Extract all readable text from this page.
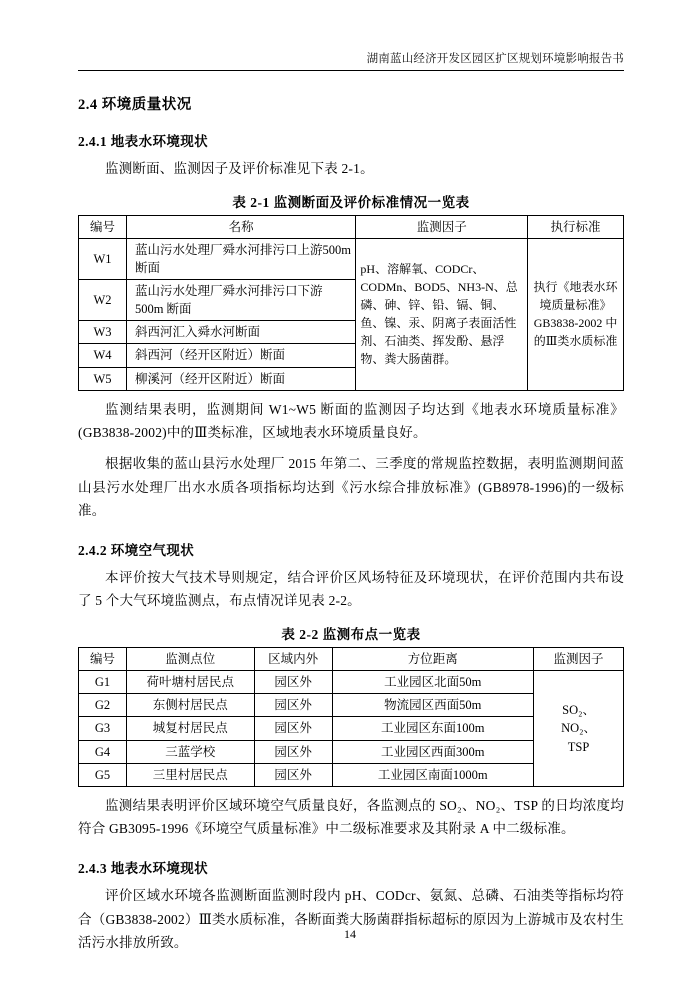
湖南蓝山经济开发区园区扩区规划环境影响报告书
2.4 环境质量状况
2.4.1 地表水环境现状

监测断面、监测因子及评价标准见下表 2-1。

表 2-1 监测断面及评价标准情况一览表
编号	名称	监测因子	执行标准
W1	蓝山污水处理厂舜水河排污口上游500m断面	pH、溶解氧、CODCr、CODMn、BOD5、NH3-N、总磷、砷、锌、铅、镉、铜、鱼、镍、汞、阴离子表面活性剂、石油类、挥发酚、悬浮物、粪大肠菌群。	执行《地表水环境质量标准》GB3838-2002 中的Ⅲ类水质标准
W2	蓝山污水处理厂舜水河排污口下游 500m 断面		
W3	斜西河汇入舜水河断面		
W4	斜西河（经开区附近）断面		
W5	柳溪河（经开区附近）断面		

监测结果表明，监测期间 W1~W5 断面的监测因子均达到《地表水环境质量标准》(GB3838-2002)中的Ⅲ类标准，区域地表水环境质量良好。

根据收集的蓝山县污水处理厂 2015 年第二、三季度的常规监控数据，表明监测期间蓝山县污水处理厂出水水质各项指标均达到《污水综合排放标准》(GB8978-1996)的一级标准。

2.4.2 环境空气现状

本评价按大气技术导则规定，结合评价区风场特征及环境现状，在评价范围内共布设了 5 个大气环境监测点，布点情况详见表 2-2。

表 2-2 监测布点一览表
编号	监测点位	区域内外	方位距离	监测因子
G1	荷叶塘村居民点	园区外	工业园区北面50m	SO₂、
NO₂、
TSP

G2	东侧村居民点	园区外	物流园区西面50m	
G3	城复村居民点	园区外	工业园区东面100m	
G4	三蓝学校	园区外	工业园区西面300m	
G5	三里村居民点	园区外	工业园区南面1000m	

监测结果表明评价区域环境空气质量良好，各监测点的 SO₂、NO₂、TSP 的日均浓度均符合 GB3095-1996《环境空气质量标准》中二级标准要求及其附录 A 中二级标准。

2.4.3 地表水环境现状

评价区域水环境各监测断面监测时段内 pH、CODcr、氨氮、总磷、石油类等指标均符合（GB3838-2002）Ⅲ类水质标准，各断面粪大肠菌群指标超标的原因为上游城市及农村生活污水排放所致。

14
